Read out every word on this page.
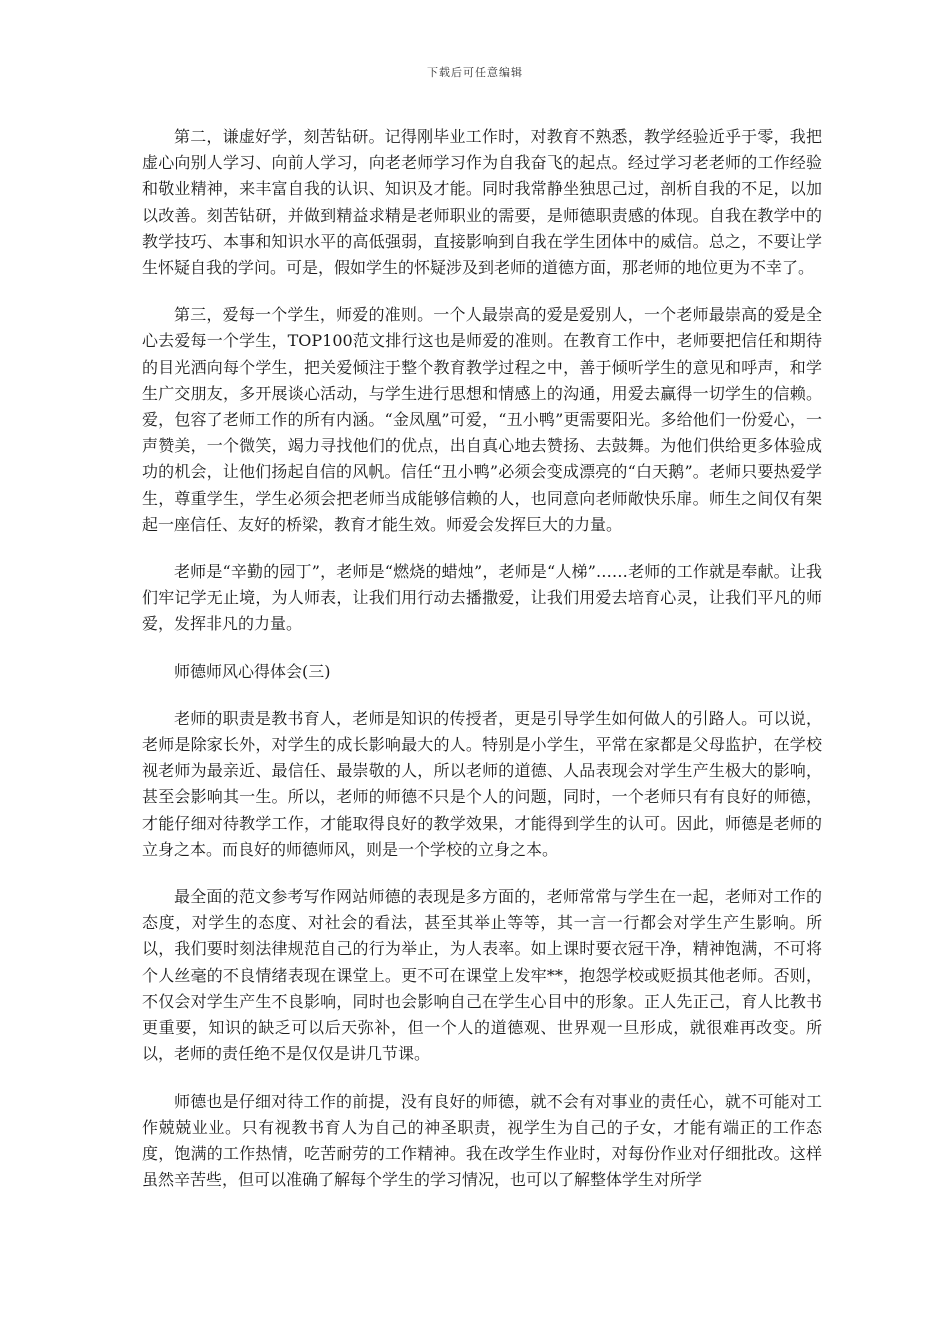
下载后可任意编辑

第二，谦虚好学，刻苦钻研。记得刚毕业工作时，对教育不熟悉，教学经验近乎于零，我把虚心向别人学习、向前人学习，向老老师学习作为自我奋飞的起点。经过学习老老师的工作经验和敬业精神，来丰富自我的认识、知识及才能。同时我常静坐独思己过，剖析自我的不足，以加以改善。刻苦钻研，并做到精益求精是老师职业的需要，是师德职责感的体现。自我在教学中的教学技巧、本事和知识水平的高低强弱，直接影响到自我在学生团体中的威信。总之，不要让学生怀疑自我的学问。可是，假如学生的怀疑涉及到老师的道德方面，那老师的地位更为不幸了。

第三，爱每一个学生，师爱的准则。一个人最崇高的爱是爱别人，一个老师最崇高的爱是全心去爱每一个学生，TOP100范文排行这也是师爱的准则。在教育工作中，老师要把信任和期待的目光洒向每个学生，把关爱倾注于整个教育教学过程之中，善于倾听学生的意见和呼声，和学生广交朋友，多开展谈心活动，与学生进行思想和情感上的沟通，用爱去赢得一切学生的信赖。爱，包容了老师工作的所有内涵。“金凤凰”可爱，“丑小鸭”更需要阳光。多给他们一份爱心，一声赞美，一个微笑，竭力寻找他们的优点，出自真心地去赞扬、去鼓舞。为他们供给更多体验成功的机会，让他们扬起自信的风帆。信任“丑小鸭”必须会变成漂亮的“白天鹅”。老师只要热爱学生，尊重学生，学生必须会把老师当成能够信赖的人，也同意向老师敞快乐扉。师生之间仅有架起一座信任、友好的桥梁，教育才能生效。师爱会发挥巨大的力量。

老师是“辛勤的园丁”，老师是“燃烧的蜡烛”，老师是“人梯”……老师的工作就是奉献。让我们牢记学无止境，为人师表，让我们用行动去播撒爱，让我们用爱去培育心灵，让我们平凡的师爱，发挥非凡的力量。

师德师风心得体会(三)

老师的职责是教书育人，老师是知识的传授者，更是引导学生如何做人的引路人。可以说，老师是除家长外，对学生的成长影响最大的人。特别是小学生，平常在家都是父母监护，在学校视老师为最亲近、最信任、最崇敬的人，所以老师的道德、人品表现会对学生产生极大的影响，甚至会影响其一生。所以，老师的师德不只是个人的问题，同时，一个老师只有有良好的师德，才能仔细对待教学工作，才能取得良好的教学效果，才能得到学生的认可。因此，师德是老师的立身之本。而良好的师德师风，则是一个学校的立身之本。

最全面的范文参考写作网站师德的表现是多方面的，老师常常与学生在一起，老师对工作的态度，对学生的态度、对社会的看法，甚至其举止等等，其一言一行都会对学生产生影响。所以，我们要时刻法律规范自己的行为举止，为人表率。如上课时要衣冠干净，精神饱满，不可将个人丝毫的不良情绪表现在课堂上。更不可在课堂上发牢**，抱怨学校或贬损其他老师。否则，不仅会对学生产生不良影响，同时也会影响自己在学生心目中的形象。正人先正己，育人比教书更重要，知识的缺乏可以后天弥补，但一个人的道德观、世界观一旦形成，就很难再改变。所以，老师的责任绝不是仅仅是讲几节课。

师德也是仔细对待工作的前提，没有良好的师德，就不会有对事业的责任心，就不可能对工作兢兢业业。只有视教书育人为自己的神圣职责，视学生为自己的子女，才能有端正的工作态度，饱满的工作热情，吃苦耐劳的工作精神。我在改学生作业时，对每份作业对仔细批改。这样虽然辛苦些，但可以准确了解每个学生的学习情况，也可以了解整体学生对所学
